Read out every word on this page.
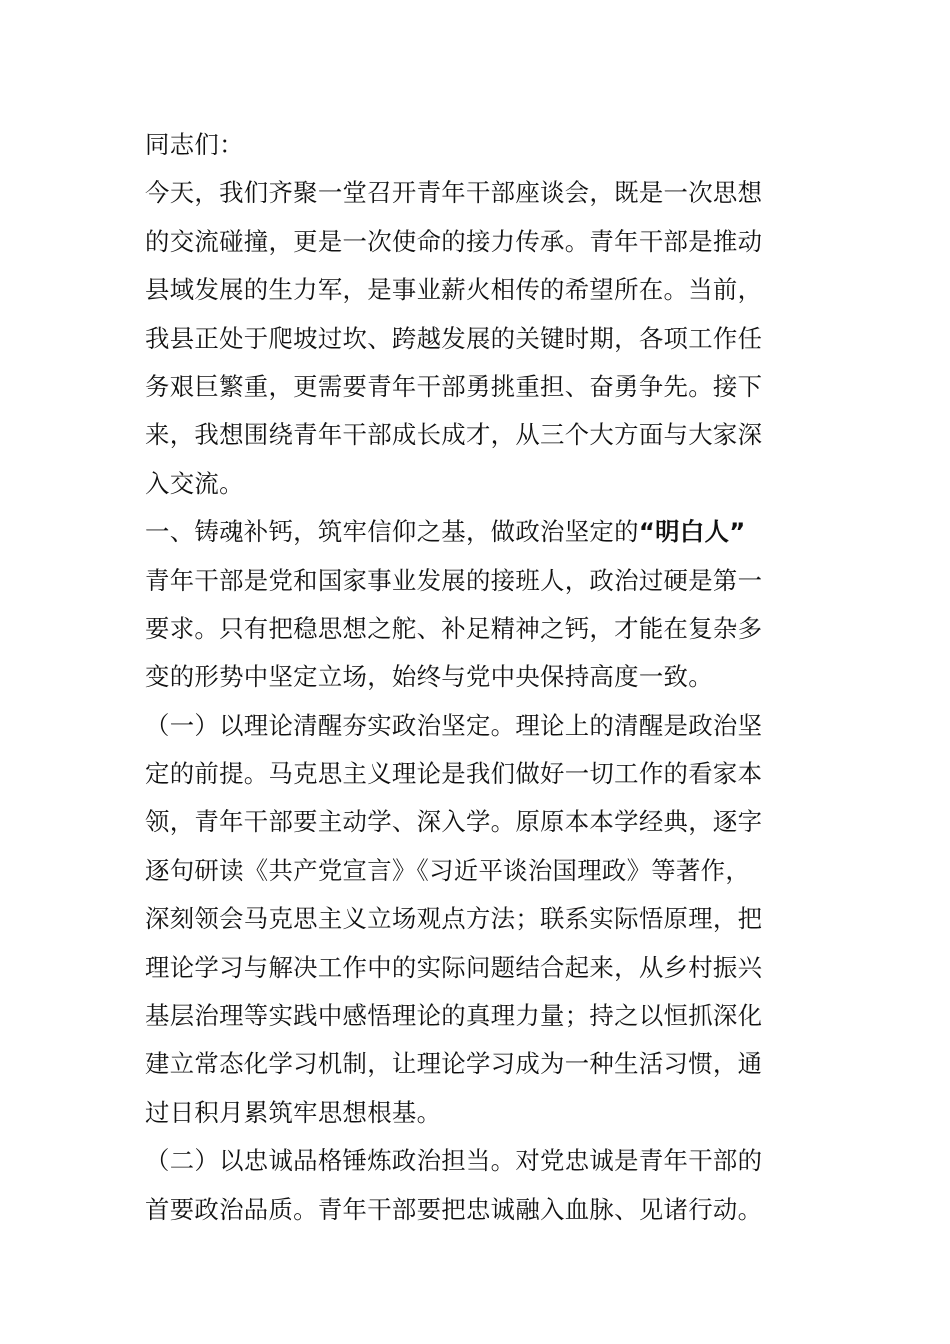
同志们：
今天，我们齐聚一堂召开青年干部座谈会，既是一次思想
的交流碰撞，更是一次使命的接力传承。青年干部是推动
县域发展的生力军，是事业薪火相传的希望所在。当前，
我县正处于爬坡过坎、跨越发展的关键时期，各项工作任
务艰巨繁重，更需要青年干部勇挑重担、奋勇争先。接下
来，我想围绕青年干部成长成才，从三个大方面与大家深
入交流。
一、铸魂补钙，筑牢信仰之基，做政治坚定的“明白人”
青年干部是党和国家事业发展的接班人，政治过硬是第一
要求。只有把稳思想之舵、补足精神之钙，才能在复杂多
变的形势中坚定立场，始终与党中央保持高度一致。
（一）以理论清醒夯实政治坚定。理论上的清醒是政治坚
定的前提。马克思主义理论是我们做好一切工作的看家本
领，青年干部要主动学、深入学。原原本本学经典，逐字
逐句研读《共产党宣言》《习近平谈治国理政》等著作，
深刻领会马克思主义立场观点方法；联系实际悟原理，把
理论学习与解决工作中的实际问题结合起来，从乡村振兴
基层治理等实践中感悟理论的真理力量；持之以恒抓深化
建立常态化学习机制，让理论学习成为一种生活习惯，通
过日积月累筑牢思想根基。
（二）以忠诚品格锤炼政治担当。对党忠诚是青年干部的
首要政治品质。青年干部要把忠诚融入血脉、见诸行动。
